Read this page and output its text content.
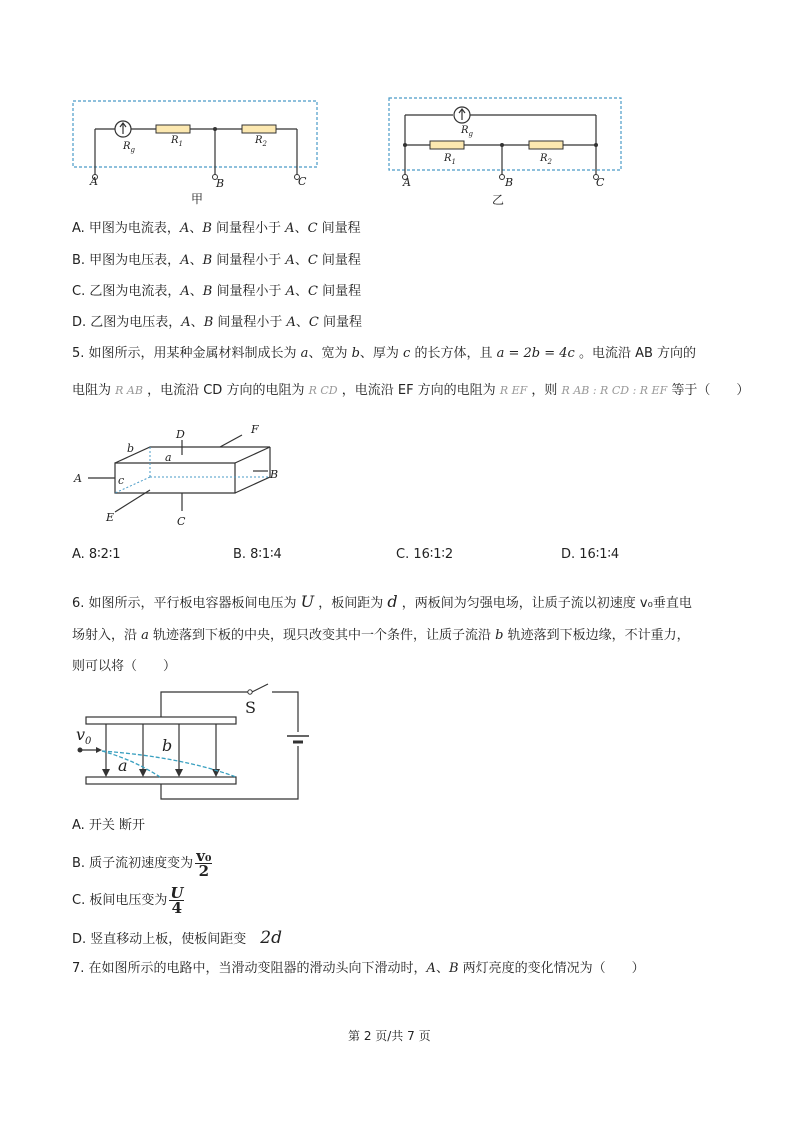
$R_g$
$R_1$	$R_2$
A	B	C
甲
$R_g$
$R_1$	$R_2$
A	B	C
乙
A. 甲图为电流表，A、B 间量程小于 A、C 间量程
B. 甲图为电压表，A、B 间量程小于 A、C 间量程
C. 乙图为电流表，A、B 间量程小于 A、C 间量程
D. 乙图为电压表，A、B 间量程小于 A、C 间量程
5. 如图所示，用某种金属材料制成长为 a、宽为 b、厚为 c 的长方体，且 a = 2b = 4c 。电流沿 AB 方向的
电阻为 R AB ，电流沿 CD 方向的电阻为 R CD ，电流沿 EF 方向的电阻为 R EF ，则 R AB : R CD : R EF 等于（　　）
b
D
a
F
A	c	B
E	C
A. 8∶2∶1	B. 8∶1∶4	C. 16∶1∶2	D. 16∶1∶4
6. 如图所示，平行板电容器板间电压为 U ，板间距为 d ，两板间为匀强电场，让质子流以初速度 v₀垂直电
场射入，沿 a 轨迹落到下板的中央，现只改变其中一个条件，让质子流沿 b 轨迹落到下板边缘，不计重力，
则可以将（　　）
S
$v_0$	b
a
A. 开关 断开
B. 质子流初速度变为 $\frac{\text{v₀}}{2}$
C. 板间电压变为 $\frac{U}{4}$
D. 竖直移动上板，使板间距变 2d
7. 在如图所示的电路中，当滑动变阻器的滑动头向下滑动时，A、B 两灯亮度的变化情况为（　　）
第 2 页/共 7 页
